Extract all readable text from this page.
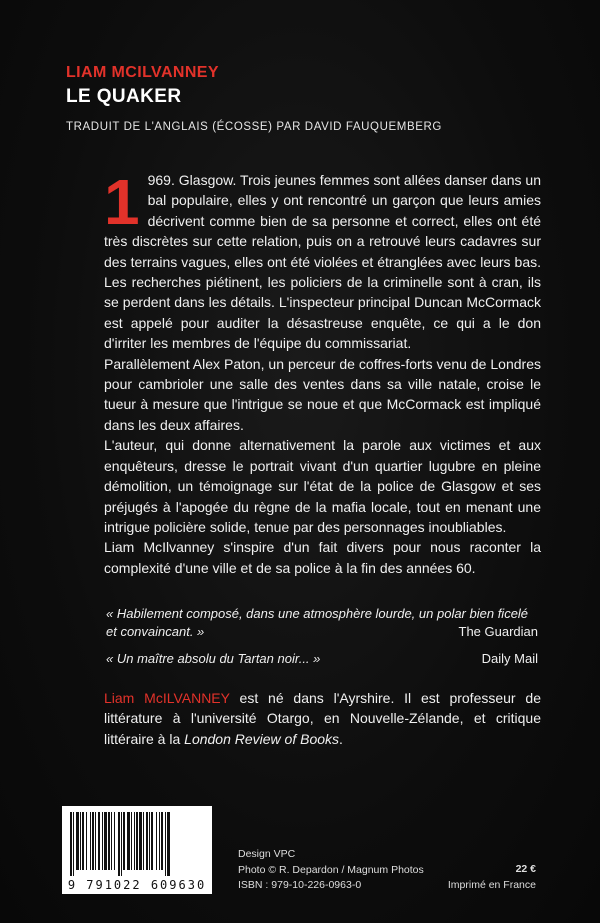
LIAM MCILVANNEY
LE QUAKER
TRADUIT DE L'ANGLAIS (ÉCOSSE) PAR DAVID FAUQUEMBERG

1 969. Glasgow. Trois jeunes femmes sont allées danser dans un bal populaire, elles y ont rencontré un garçon que leurs amies décrivent comme bien de sa personne et correct, elles ont été très discrètes sur cette relation, puis on a retrouvé leurs cadavres sur des terrains vagues, elles ont été violées et étranglées avec leurs bas. Les recherches piétinent, les policiers de la criminelle sont à cran, ils se perdent dans les détails. L'inspecteur principal Duncan McCormack est appelé pour auditer la désastreuse enquête, ce qui a le don d'irriter les membres de l'équipe du commissariat.

Parallèlement Alex Paton, un perceur de coffres-forts venu de Londres pour cambrioler une salle des ventes dans sa ville natale, croise le tueur à mesure que l'intrigue se noue et que McCormack est impliqué dans les deux affaires.

L'auteur, qui donne alternativement la parole aux victimes et aux enquêteurs, dresse le portrait vivant d'un quartier lugubre en pleine démolition, un témoignage sur l'état de la police de Glasgow et ses préjugés à l'apogée du règne de la mafia locale, tout en menant une intrigue policière solide, tenue par des personnages inoubliables.

Liam McIlvanney s'inspire d'un fait divers pour nous raconter la complexité d'une ville et de sa police à la fin des années 60.

« Habilement composé, dans une atmosphère lourde, un polar bien ficelé et convaincant. »	The Guardian
« Un maître absolu du Tartan noir... »	Daily Mail
Liam McILVANNEY est né dans l'Ayrshire. Il est professeur de littérature à l'université Otargo, en Nouvelle-Zélande, et critique littéraire à la London Review of Books.
9 791022 609630
Design VPC
Photo © R. Depardon / Magnum Photos
ISBN : 979-10-226-0963-0
22 €
Imprimé en France
